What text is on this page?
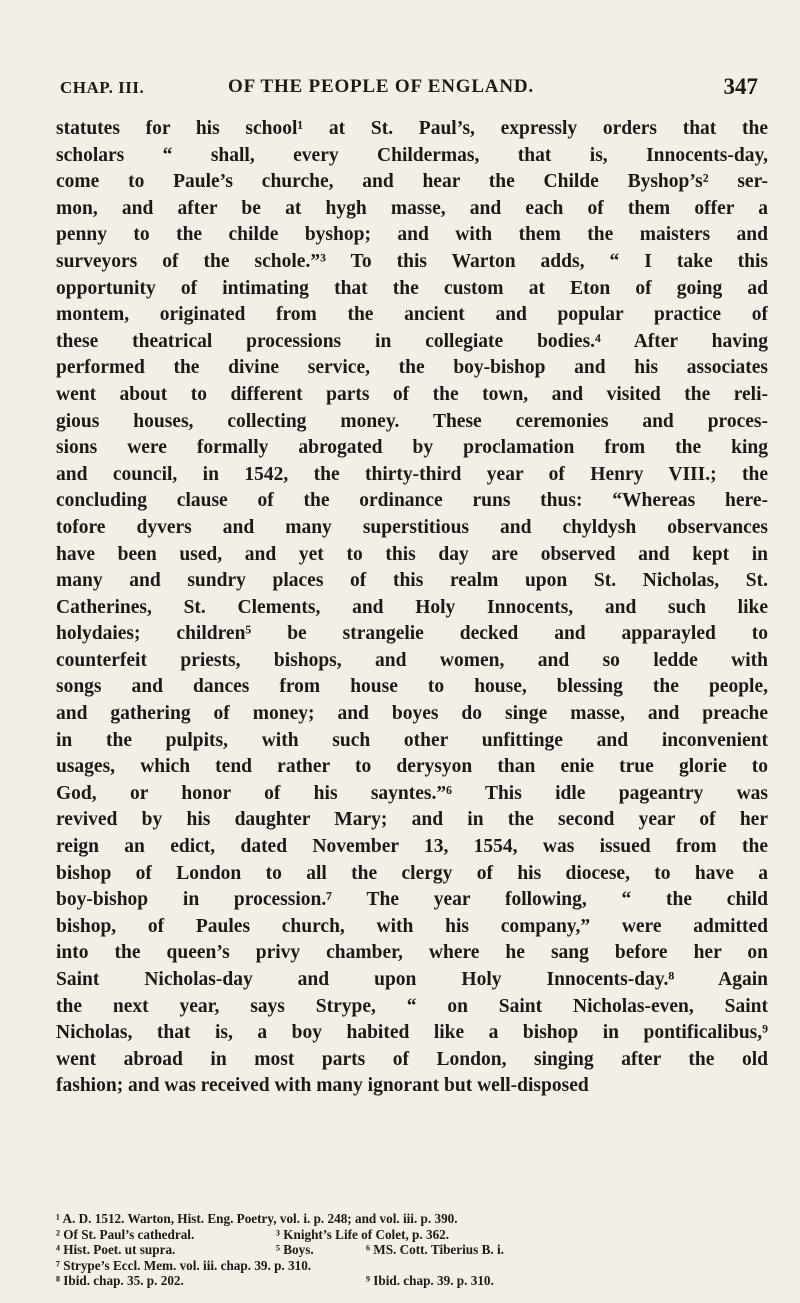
CHAP. III.	OF THE PEOPLE OF ENGLAND.	347
statutes for his school¹ at St. Paul’s, expressly orders that the
scholars “ shall, every Childermas, that is, Innocents-day,
come to Paule’s churche, and hear the Childe Byshop’s² ser-
mon, and after be at hygh masse, and each of them offer a
penny to the childe byshop; and with them the maisters and
surveyors of the schole.”³ To this Warton adds, “ I take this
opportunity of intimating that the custom at Eton of going ad
montem, originated from the ancient and popular practice of
these theatrical processions in collegiate bodies.⁴ After having
performed the divine service, the boy-bishop and his associates
went about to different parts of the town, and visited the reli-
gious houses, collecting money. These ceremonies and proces-
sions were formally abrogated by proclamation from the king
and council, in 1542, the thirty-third year of Henry VIII.; the
concluding clause of the ordinance runs thus: “Whereas here-
tofore dyvers and many superstitious and chyldysh observances
have been used, and yet to this day are observed and kept in
many and sundry places of this realm upon St. Nicholas, St.
Catherines, St. Clements, and Holy Innocents, and such like
holydaies; children⁵ be strangelie decked and apparayled to
counterfeit priests, bishops, and women, and so ledde with
songs and dances from house to house, blessing the people,
and gathering of money; and boyes do singe masse, and preache
in the pulpits, with such other unfittinge and inconvenient
usages, which tend rather to derysyon than enie true glorie to
God, or honor of his sayntes.”⁶ This idle pageantry was
revived by his daughter Mary; and in the second year of her
reign an edict, dated November 13, 1554, was issued from the
bishop of London to all the clergy of his diocese, to have a
boy-bishop in procession.⁷ The year following, “ the child
bishop, of Paules church, with his company,” were admitted
into the queen’s privy chamber, where he sang before her on
Saint Nicholas-day and upon Holy Innocents-day.⁸ Again
the next year, says Strype, “ on Saint Nicholas-even, Saint
Nicholas, that is, a boy habited like a bishop in pontificalibus,⁹
went abroad in most parts of London, singing after the old
fashion; and was received with many ignorant but well-disposed
¹ A. D. 1512. Warton, Hist. Eng. Poetry, vol. i. p. 248; and vol. iii. p. 390.
² Of St. Paul’s cathedral.	³ Knight’s Life of Colet, p. 362.
⁴ Hist. Poet. ut supra.	⁵ Boys.	⁶ MS. Cott. Tiberius B. i.
⁷ Strype’s Eccl. Mem. vol. iii. chap. 39. p. 310.
⁸ Ibid. chap. 35. p. 202.	⁹ Ibid. chap. 39. p. 310.
